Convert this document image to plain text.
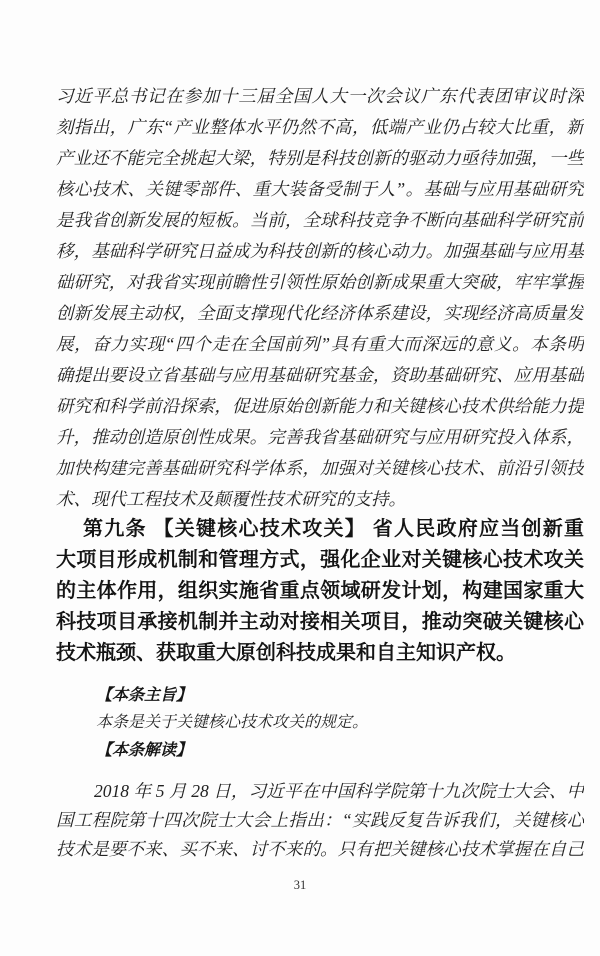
习近平总书记在参加十三届全国人大一次会议广东代表团审议时深
刻指出，广东“产业整体水平仍然不高，低端产业仍占较大比重，新
产业还不能完全挑起大梁，特别是科技创新的驱动力亟待加强，一些
核心技术、关键零部件、重大装备受制于人”。基础与应用基础研究
是我省创新发展的短板。当前，全球科技竞争不断向基础科学研究前
移，基础科学研究日益成为科技创新的核心动力。加强基础与应用基
础研究，对我省实现前瞻性引领性原始创新成果重大突破，牢牢掌握
创新发展主动权，全面支撑现代化经济体系建设，实现经济高质量发
展，奋力实现“四个走在全国前列”具有重大而深远的意义。本条明
确提出要设立省基础与应用基础研究基金，资助基础研究、应用基础
研究和科学前沿探索，促进原始创新能力和关键核心技术供给能力提
升，推动创造原创性成果。完善我省基础研究与应用研究投入体系，
加快构建完善基础研究科学体系，加强对关键核心技术、前沿引领技
术、现代工程技术及颠覆性技术研究的支持。
第九条 【关键核心技术攻关】 省人民政府应当创新重
大项目形成机制和管理方式，强化企业对关键核心技术攻关
的主体作用，组织实施省重点领域研发计划，构建国家重大
科技项目承接机制并主动对接相关项目，推动突破关键核心
技术瓶颈、获取重大原创科技成果和自主知识产权。
【本条主旨】
本条是关于关键核心技术攻关的规定。
【本条解读】
2018 年 5 月 28 日，习近平在中国科学院第十九次院士大会、中
国工程院第十四次院士大会上指出：“实践反复告诉我们，关键核心
技术是要不来、买不来、讨不来的。只有把关键核心技术掌握在自己
31
